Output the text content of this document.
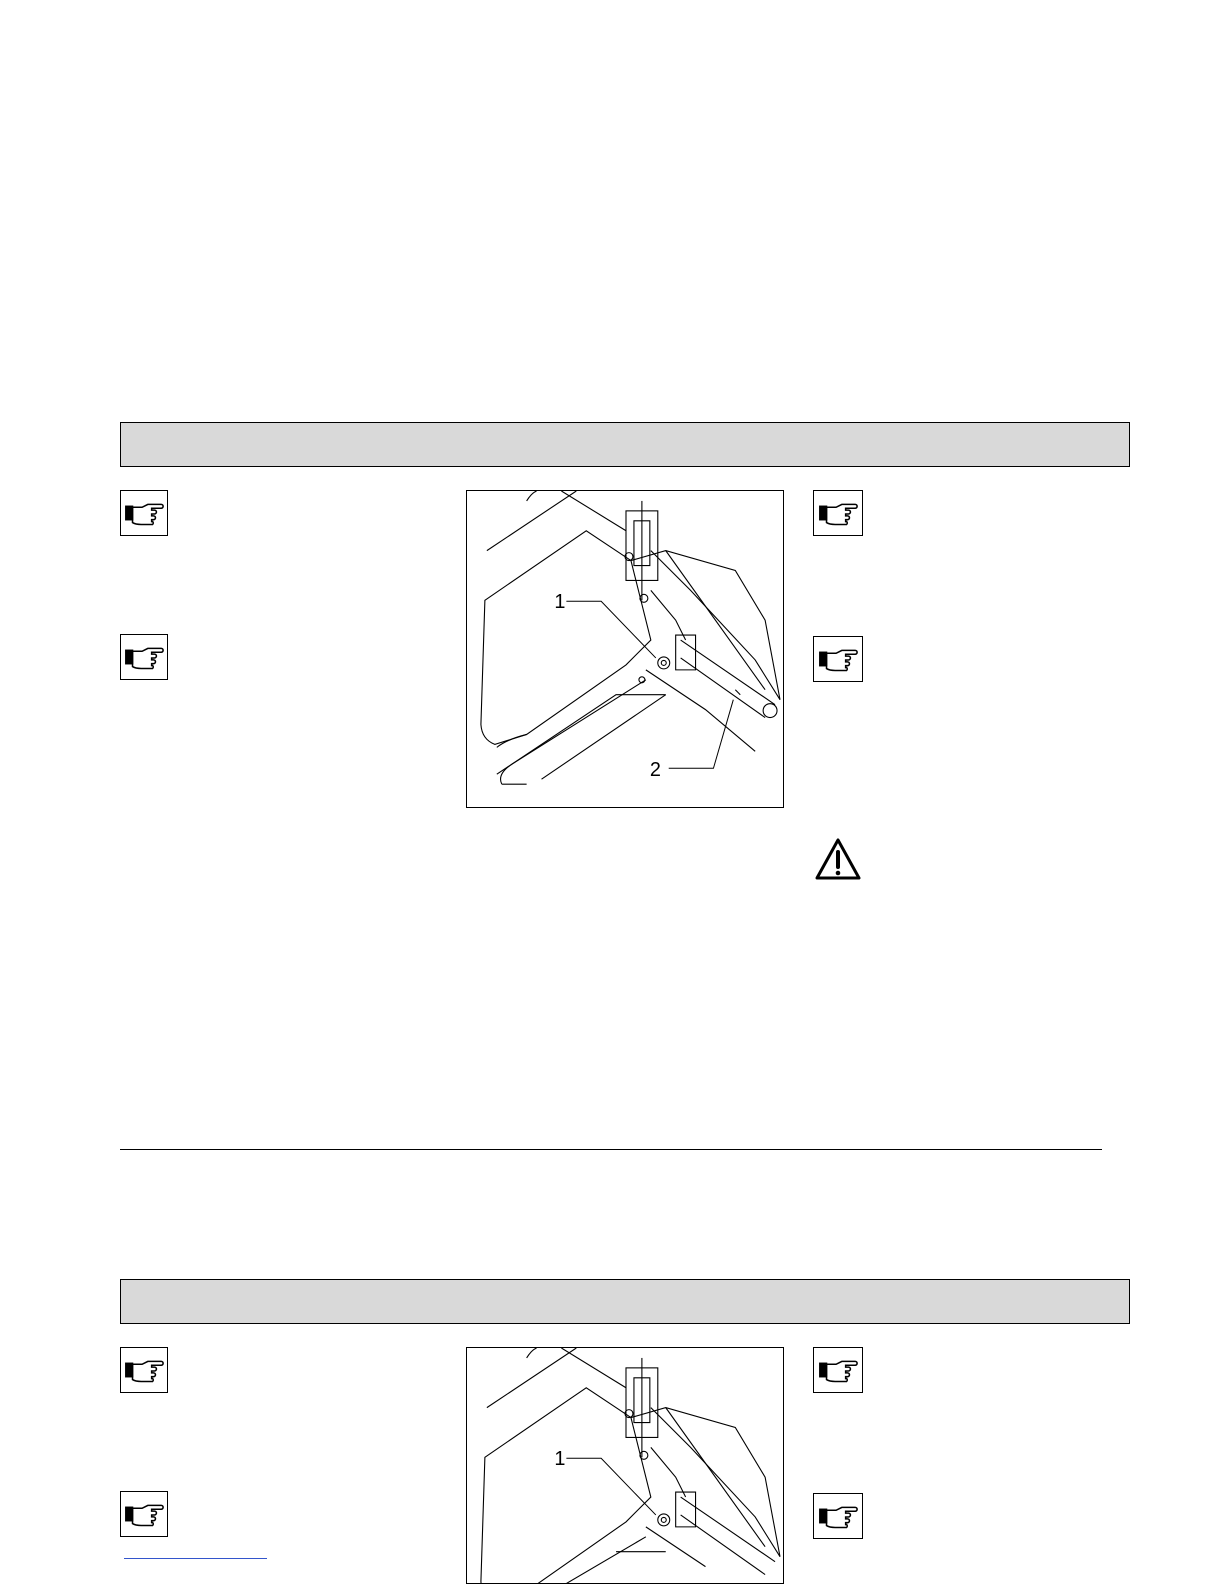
1
2
1
